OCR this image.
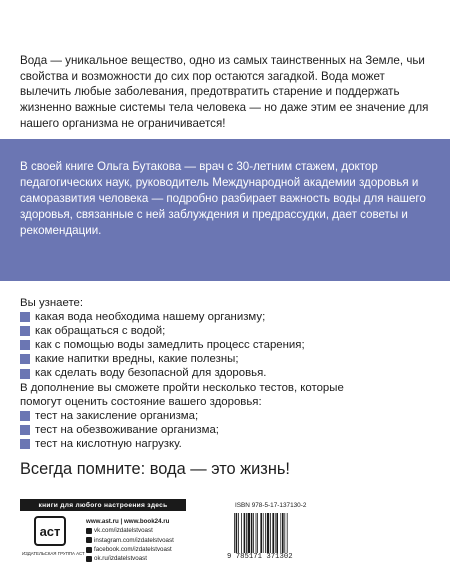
Вода — уникальное вещество, одно из самых таинственных на Земле, чьи свойства и возможности до сих пор остаются загадкой. Вода может вылечить любые заболевания, предотвратить старение и поддержать жизненно важные системы тела человека — но даже этим ее значение для нашего организма не ограничивается!
В своей книге Ольга Бутакова — врач с 30-летним стажем, доктор педагогических наук, руководитель Международной академии здоровья и саморазвития человека — подробно разбирает важность воды для нашего здоровья, связанные с ней заблуждения и предрассудки, дает советы и рекомендации.
Вы узнаете:
какая вода необходима нашему организму;
как обращаться с водой;
как с помощью воды замедлить процесс старения;
какие напитки вредны, какие полезны;
как сделать воду безопасной для здоровья.
В дополнение вы сможете пройти несколько тестов, которые помогут оценить состояние вашего здоровья:
тест на закисление организма;
тест на обезвоживание организма;
тест на кислотную нагрузку.
Всегда помните: вода — это жизнь!
книги для любого настроения здесь
аст
ИЗДАТЕЛЬСКАЯ ГРУППА АСТ
www.ast.ru | www.book24.ru
vk.com/izdatelstvoast
instagram.com/izdatelstvoast
facebook.com/izdatelstvoast
ok.ru/izdatelstvoast
ISBN 978-5-17-137130-2
9 785171 371302
